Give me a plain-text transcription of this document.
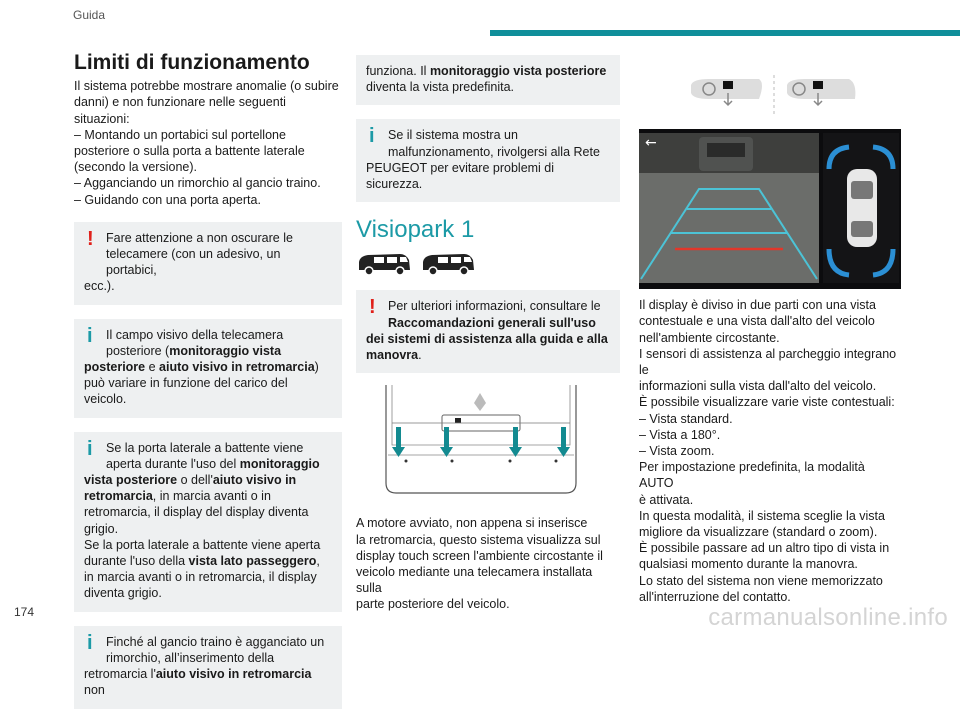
Guida
Limiti di funzionamento
Il sistema potrebbe mostrare anomalie (o subire
danni) e non funzionare nelle seguenti situazioni:
– Montando un portabici sul portellone
posteriore o sulla porta a battente laterale
(secondo la versione).
– Agganciando un rimorchio al gancio traino.
– Guidando con una porta aperta.
! Fare attenzione a non oscurare le
telecamere (con un adesivo, un portabici,
ecc.).
i	Il campo visivo della telecamera
posteriore (monitoraggio vista
posteriore e aiuto visivo in retromarcia)
può variare in funzione del carico del veicolo.
i	Se la porta laterale a battente viene
aperta durante l'uso del monitoraggio
vista posteriore o dell'aiuto visivo in
retromarcia, in marcia avanti o in
retromarcia, il display del display diventa
grigio.
Se la porta laterale a battente viene aperta
durante l'uso della vista lato passeggero,
in marcia avanti o in retromarcia, il display
diventa grigio.
i	Finché al gancio traino è agganciato un
rimorchio, all’inserimento della
retromarcia l'aiuto visivo in retromarcia non
funziona. Il monitoraggio vista posteriore
diventa la vista predefinita.
i	Se il sistema mostra un
malfunzionamento, rivolgersi alla Rete
PEUGEOT per evitare problemi di sicurezza.
Visiopark 1
! Per ulteriori informazioni, consultare le
Raccomandazioni generali sull'uso
dei sistemi di assistenza alla guida e alla
manovra.
A motore avviato, non appena si inserisce
la retromarcia, questo sistema visualizza sul
display touch screen l'ambiente circostante il
veicolo mediante una telecamera installata sulla
parte posteriore del veicolo.
←
Il display è diviso in due parti con una vista
contestuale e una vista dall'alto del veicolo
nell'ambiente circostante.
I sensori di assistenza al parcheggio integrano le
informazioni sulla vista dall'alto del veicolo.
È possibile visualizzare varie viste contestuali:
– Vista standard.
– Vista a 180°.
– Vista zoom.
Per impostazione predefinita, la modalità AUTO
è attivata.
In questa modalità, il sistema sceglie la vista
migliore da visualizzare (standard o zoom).
È possibile passare ad un altro tipo di vista in
qualsiasi momento durante la manovra.
Lo stato del sistema non viene memorizzato
all'interruzione del contatto.
174	carmanualsonline.info
